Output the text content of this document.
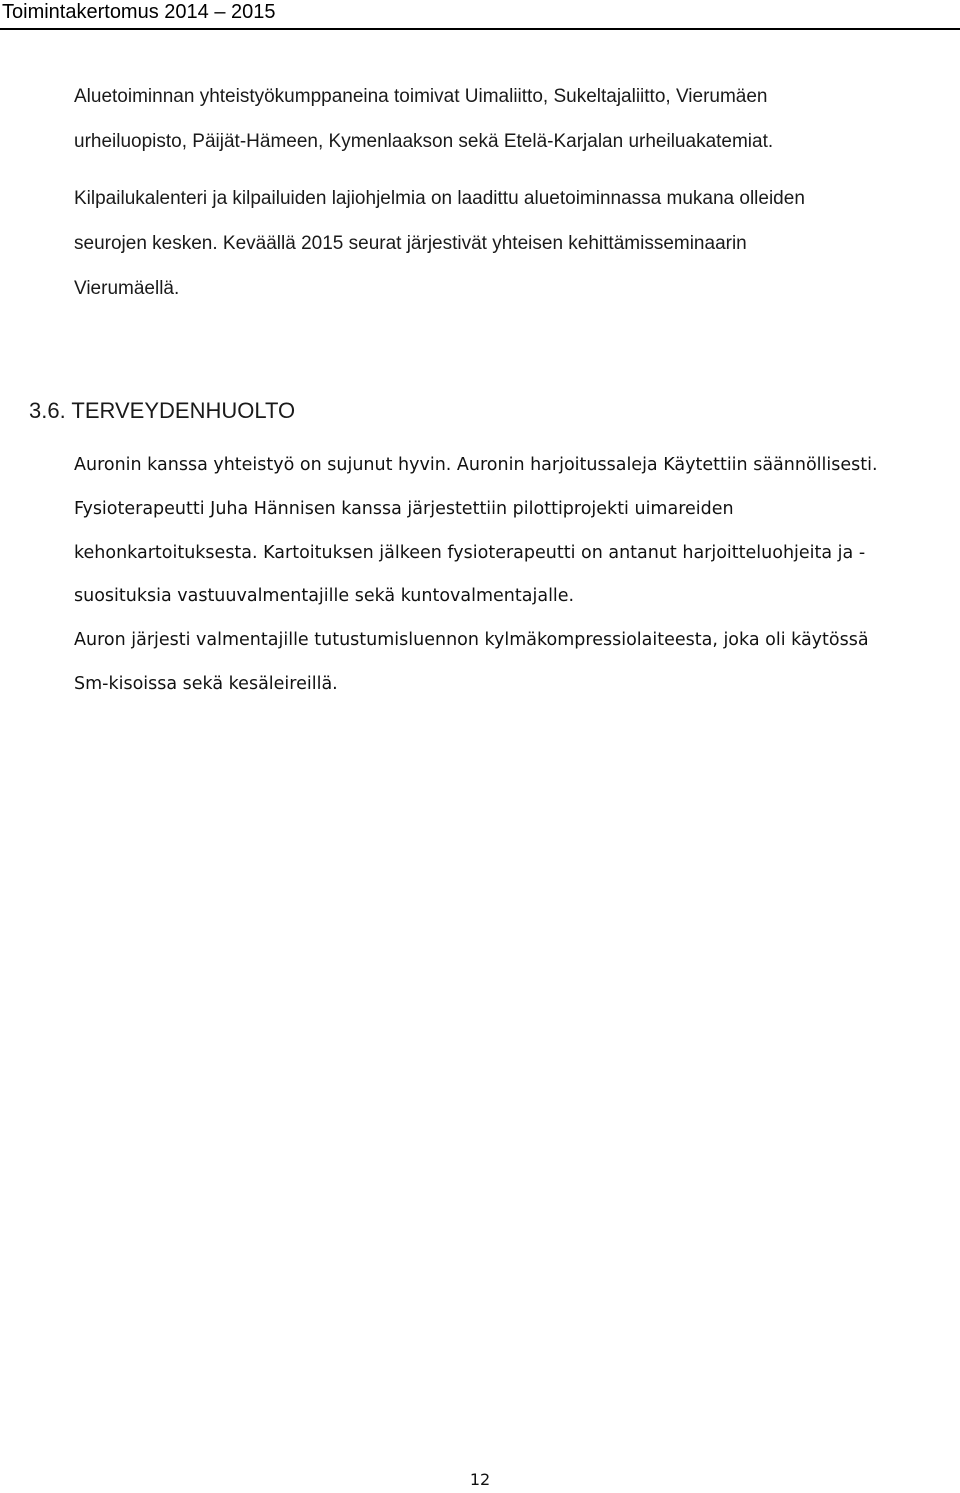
Toimintakertomus 2014 – 2015

Aluetoiminnan yhteistyökumppaneina toimivat Uimaliitto, Sukeltajaliitto, Vierumäen
urheiluopisto, Päijät-Hämeen, Kymenlaakson sekä Etelä-Karjalan urheiluakatemiat.

Kilpailukalenteri ja kilpailuiden lajiohjelmia on laadittu aluetoiminnassa mukana olleiden
seurojen kesken. Keväällä 2015 seurat järjestivät yhteisen kehittämisseminaarin
Vierumäellä.

3.6. TERVEYDENHUOLTO

Auronin kanssa yhteistyö on sujunut hyvin. Auronin harjoitussaleja Käytettiin säännöllisesti.
Fysioterapeutti Juha Hännisen kanssa järjestettiin pilottiprojekti uimareiden
kehonkartoituksesta. Kartoituksen jälkeen fysioterapeutti on antanut harjoitteluohjeita ja -
suosituksia vastuuvalmentajille sekä kuntovalmentajalle.
Auron järjesti valmentajille tutustumisluennon kylmäkompressiolaiteesta, joka oli käytössä
Sm-kisoissa sekä kesäleireillä.

12
